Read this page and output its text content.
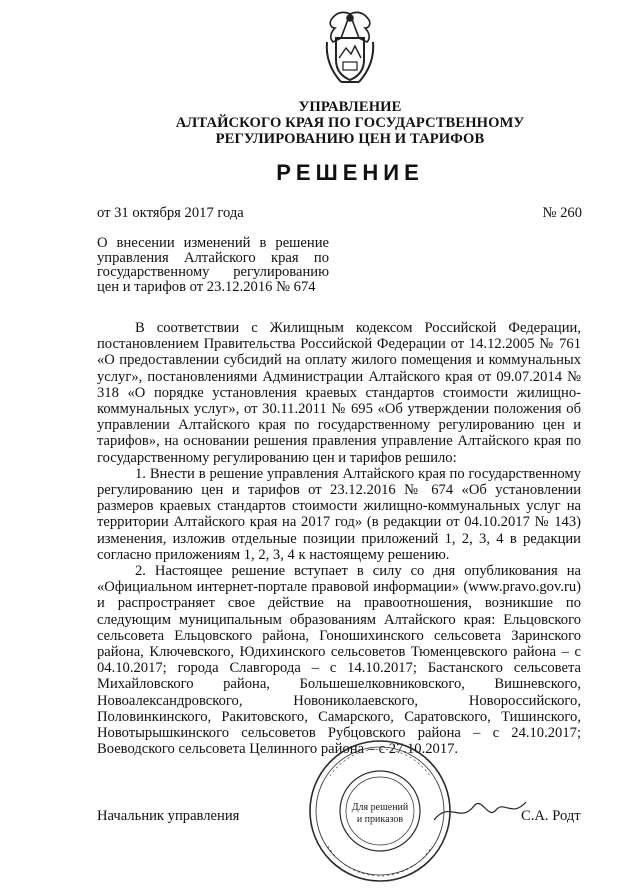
УПРАВЛЕНИЕ
АЛТАЙСКОГО КРАЯ ПО ГОСУДАРСТВЕННОМУ
РЕГУЛИРОВАНИЮ ЦЕН И ТАРИФОВ
РЕШЕНИЕ
от 31 октября 2017 года	№ 260
О внесении изменений в решение
управления Алтайского края по
государственному регулированию
цен и тарифов от 23.12.2016 № 674

В соответствии с Жилищным кодексом Российской Федерации, постановлением Правительства Российской Федерации от 14.12.2005 № 761 «О предоставлении субсидий на оплату жилого помещения и коммунальных услуг», постановлениями Администрации Алтайского края от 09.07.2014 № 318 «О порядке установления краевых стандартов стоимости жилищно-коммунальных услуг», от 30.11.2011 № 695 «Об утверждении положения об управлении Алтайского края по государственному регулированию цен и тарифов», на основании решения правления управление Алтайского края по государственному регулированию цен и тарифов решило:

1. Внести в решение управления Алтайского края по государственному регулированию цен и тарифов от 23.12.2016 № 674 «Об установлении размеров краевых стандартов стоимости жилищно-коммунальных услуг на территории Алтайского края на 2017 год» (в редакции от 04.10.2017 № 143) изменения, изложив отдельные позиции приложений 1, 2, 3, 4 в редакции согласно приложениям 1, 2, 3, 4 к настоящему решению.

2. Настоящее решение вступает в силу со дня опубликования на «Официальном интернет-портале правовой информации» (www.pravo.gov.ru) и распространяет свое действие на правоотношения, возникшие по следующим муниципальным образованиям Алтайского края: Ельцовского сельсовета Ельцовского района, Гоношихинского сельсовета Заринского района, Ключевского, Юдихинского сельсоветов Тюменцевского района – с 04.10.2017; города Славгорода – с 14.10.2017; Бастанского сельсовета Михайловского района, Большешелковниковского, Вишневского, Новоалександровского, Новониколаевского, Новороссийского, Половинкинского, Ракитовского, Самарского, Саратовского, Тишинского, Новотырышкинского сельсоветов Рубцовского района – с 24.10.2017; Воеводского сельсовета Целинного района – с 27.10.2017.

Для решений
и приказов
Начальник управления	С.А. Родт
